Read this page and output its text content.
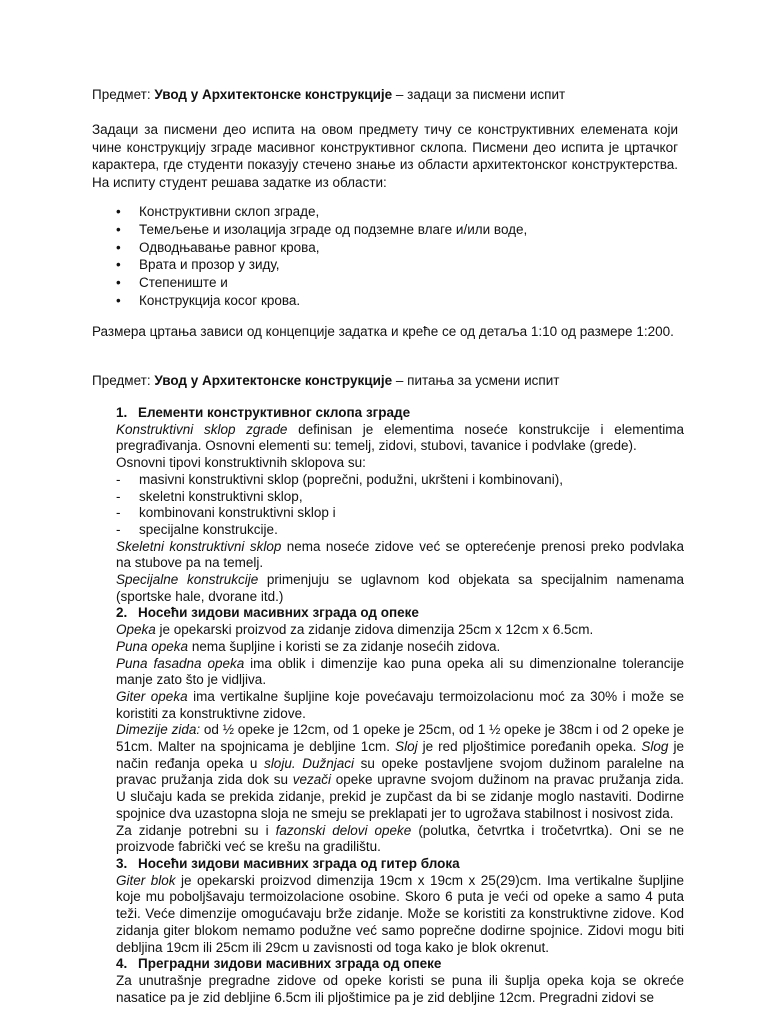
Предмет: Увод у Архитектонске конструкције – задаци за писмени испит

Задаци за писмени део испита на овом предмету тичу се конструктивних елемената који чине конструкцију зграде масивног конструктивног склопа. Писмени део испита је цртачког карактера, где студенти показују стечено знање из области архитектонског конструктерства. На испиту студент решава задатке из области:

• Конструктивни склоп зграде,
• Темељење и изолација зграде од подземне влаге и/или воде,
• Одводњавање равног крова,
• Врата и прозор у зиду,
• Степениште и
• Конструкција косог крова.

Размера цртања зависи од концепције задатка и креће се од детаља 1:10 од размере 1:200.

Предмет: Увод у Архитектонске конструкције – питања за усмени испит
1. Елементи конструктивног склопа зграде

Konstruktivni sklop zgrade definisan je elementima noseće konstrukcije i elementima pregrađivanja. Osnovni elementi su: temelj, zidovi, stubovi, tavanice i podvlake (grede).

Osnovni tipovi konstruktivnih sklopova su:

- masivni konstruktivni sklop (poprečni, podužni, ukršteni i kombinovani),
- skeletni konstruktivni sklop,
- kombinovani konstruktivni sklop i
- specijalne konstrukcije.

Skeletni konstruktivni sklop nema noseće zidove već se opterećenje prenosi preko podvlaka na stubove pa na temelj.

Specijalne konstrukcije primenjuju se uglavnom kod objekata sa specijalnim namenama (sportske hale, dvorane itd.)

2. Носећи зидови масивних зграда од опеке

Opeka je opekarski proizvod za zidanje zidova dimenzija 25cm x 12cm x 6.5cm.

Puna opeka nema šupljine i koristi se za zidanje nosećih zidova.

Puna fasadna opeka ima oblik i dimenzije kao puna opeka ali su dimenzionalne tolerancije manje zato što je vidljiva.

Giter opeka ima vertikalne šupljine koje povećavaju termoizolacionu moć za 30% i može se koristiti za konstruktivne zidove.

Dimezije zida: od ½ opeke je 12cm, od 1 opeke je 25cm, od 1 ½ opeke je 38cm i od 2 opeke je 51cm. Malter na spojnicama je debljine 1cm. Sloj je red pljoštimice poređanih opeka. Slog je način ređanja opeka u sloju. Dužnjaci su opeke postavljene svojom dužinom paralelne na pravac pružanja zida dok su vezači opeke upravne svojom dužinom na pravac pružanja zida. U slučaju kada se prekida zidanje, prekid je zupčast da bi se zidanje moglo nastaviti. Dodirne spojnice dva uzastopna sloja ne smeju se preklapati jer to ugrožava stabilnost i nosivost zida.

Za zidanje potrebni su i fazonski delovi opeke (polutka, četvrtka i tročetvrtka). Oni se ne proizvode fabrički već se krešu na gradilištu.

3. Носећи зидови масивних зграда од гитер блока

Giter blok je opekarski proizvod dimenzija 19cm x 19cm x 25(29)cm. Ima vertikalne šupljine koje mu poboljšavaju termoizolacione osobine. Skoro 6 puta je veći od opeke a samo 4 puta teži. Veće dimenzije omogućavaju brže zidanje. Može se koristiti za konstruktivne zidove. Kod zidanja giter blokom nemamo podužne već samo poprečne dodirne spojnice. Zidovi mogu biti debljina 19cm ili 25cm ili 29cm u zavisnosti od toga kako je blok okrenut.

4. Преградни зидови масивних зграда од опеке

Za unutrašnje pregradne zidove od opeke koristi se puna ili šuplja opeka koja se okreće nasatice pa je zid debljine 6.5cm ili pljoštimice pa je zid debljine 12cm. Pregradni zidovi se
